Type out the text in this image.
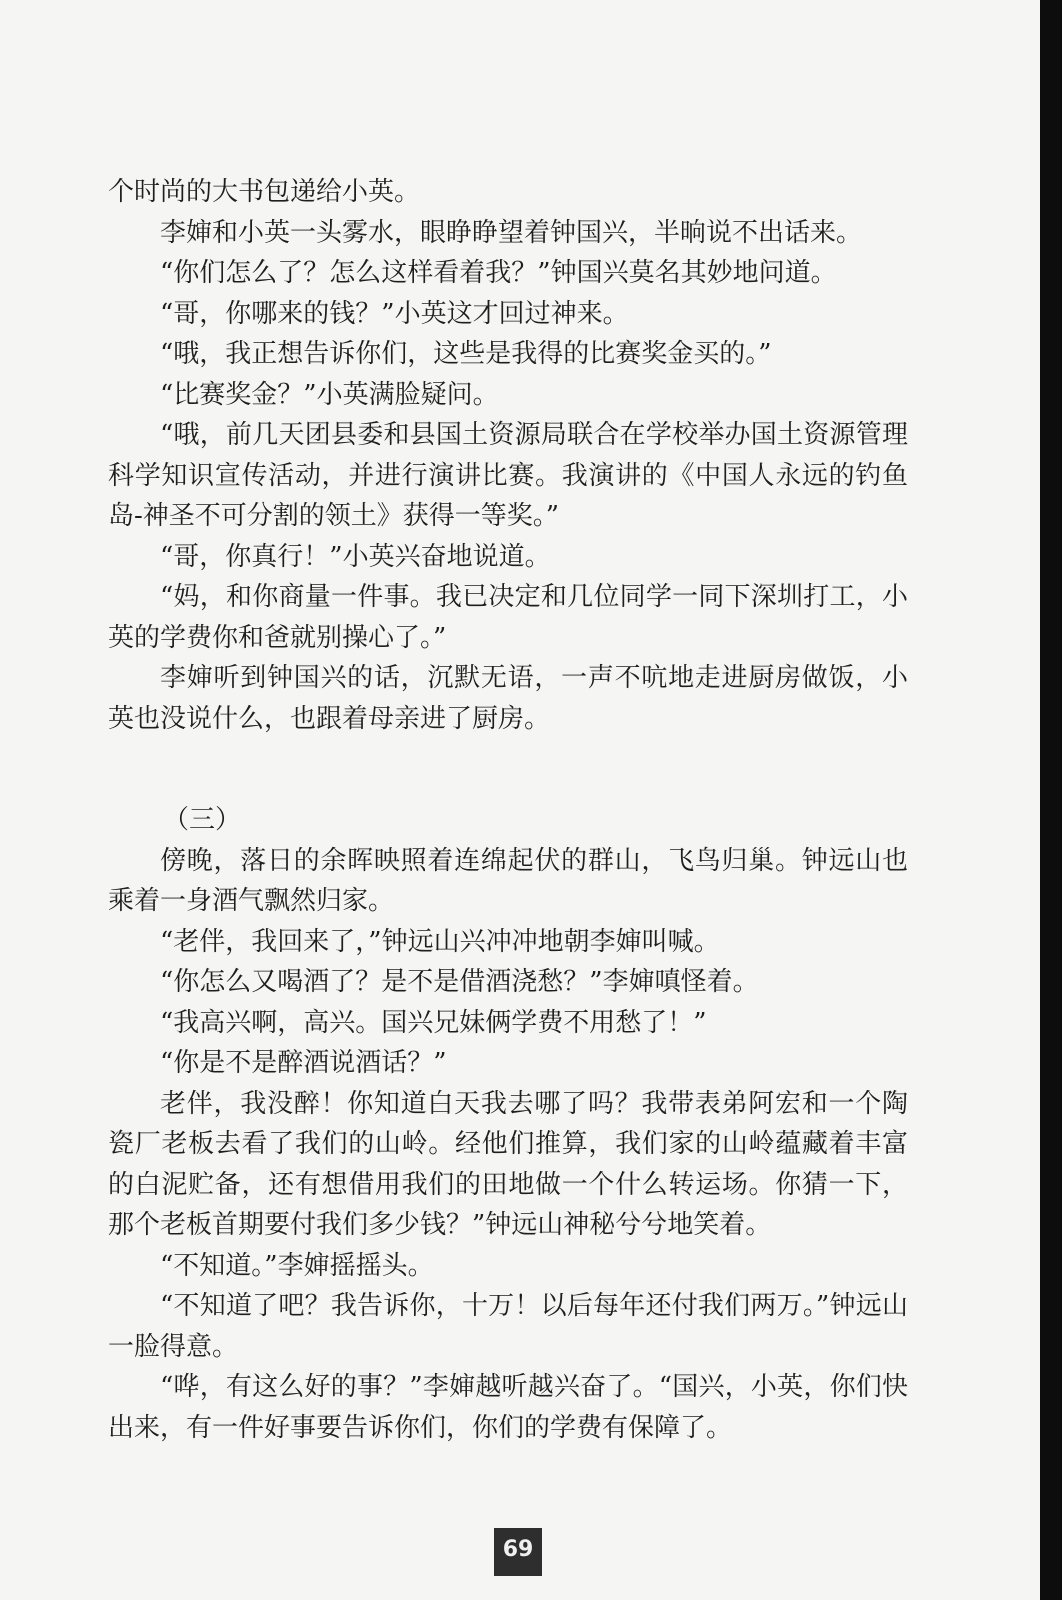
个时尚的大书包递给小英。

李婶和小英一头雾水，眼睁睁望着钟国兴，半晌说不出话来。

“你们怎么了？怎么这样看着我？”钟国兴莫名其妙地问道。

“哥，你哪来的钱？”小英这才回过神来。

“哦，我正想告诉你们，这些是我得的比赛奖金买的。”

“比赛奖金？”小英满脸疑问。

“哦，前几天团县委和县国土资源局联合在学校举办国土资源管理科学知识宣传活动，并进行演讲比赛。我演讲的《中国人永远的钓鱼岛-神圣不可分割的领土》获得一等奖。”

“哥，你真行！”小英兴奋地说道。

“妈，和你商量一件事。我已决定和几位同学一同下深圳打工，小英的学费你和爸就别操心了。”

李婶听到钟国兴的话，沉默无语，一声不吭地走进厨房做饭，小英也没说什么，也跟着母亲进了厨房。

（三）

傍晚，落日的余晖映照着连绵起伏的群山，飞鸟归巢。钟远山也乘着一身酒气飘然归家。

“老伴，我回来了，”钟远山兴冲冲地朝李婶叫喊。

“你怎么又喝酒了？是不是借酒浇愁？”李婶嗔怪着。

“我高兴啊，高兴。国兴兄妹俩学费不用愁了！”

“你是不是醉酒说酒话？”

老伴，我没醉！你知道白天我去哪了吗？我带表弟阿宏和一个陶瓷厂老板去看了我们的山岭。经他们推算，我们家的山岭蕴藏着丰富的白泥贮备，还有想借用我们的田地做一个什么转运场。你猜一下，那个老板首期要付我们多少钱？”钟远山神秘兮兮地笑着。

“不知道。”李婶摇摇头。

“不知道了吧？我告诉你，十万！以后每年还付我们两万。”钟远山一脸得意。

“哗，有这么好的事？”李婶越听越兴奋了。“国兴，小英，你们快出来，有一件好事要告诉你们，你们的学费有保障了。

69
